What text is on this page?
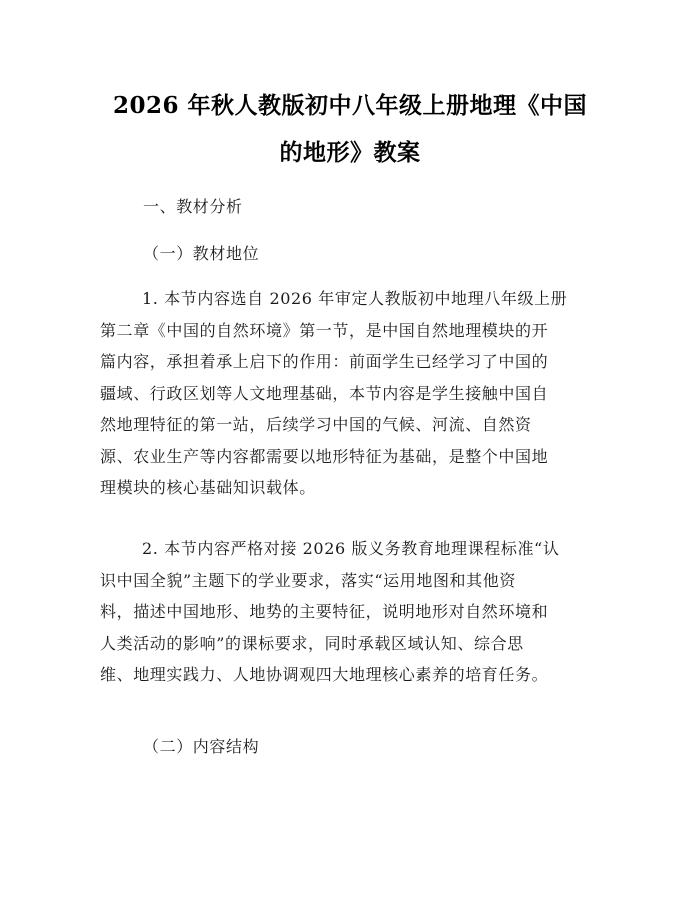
2026 年秋人教版初中八年级上册地理《中国
的地形》教案
一、教材分析
（一）教材地位
1. 本节内容选自 2026 年审定人教版初中地理八年级上册
第二章《中国的自然环境》第一节，是中国自然地理模块的开
篇内容，承担着承上启下的作用：前面学生已经学习了中国的
疆域、行政区划等人文地理基础，本节内容是学生接触中国自
然地理特征的第一站，后续学习中国的气候、河流、自然资
源、农业生产等内容都需要以地形特征为基础，是整个中国地
理模块的核心基础知识载体。
2. 本节内容严格对接 2026 版义务教育地理课程标准“认
识中国全貌”主题下的学业要求，落实“运用地图和其他资
料，描述中国地形、地势的主要特征，说明地形对自然环境和
人类活动的影响”的课标要求，同时承载区域认知、综合思
维、地理实践力、人地协调观四大地理核心素养的培育任务。
（二）内容结构
